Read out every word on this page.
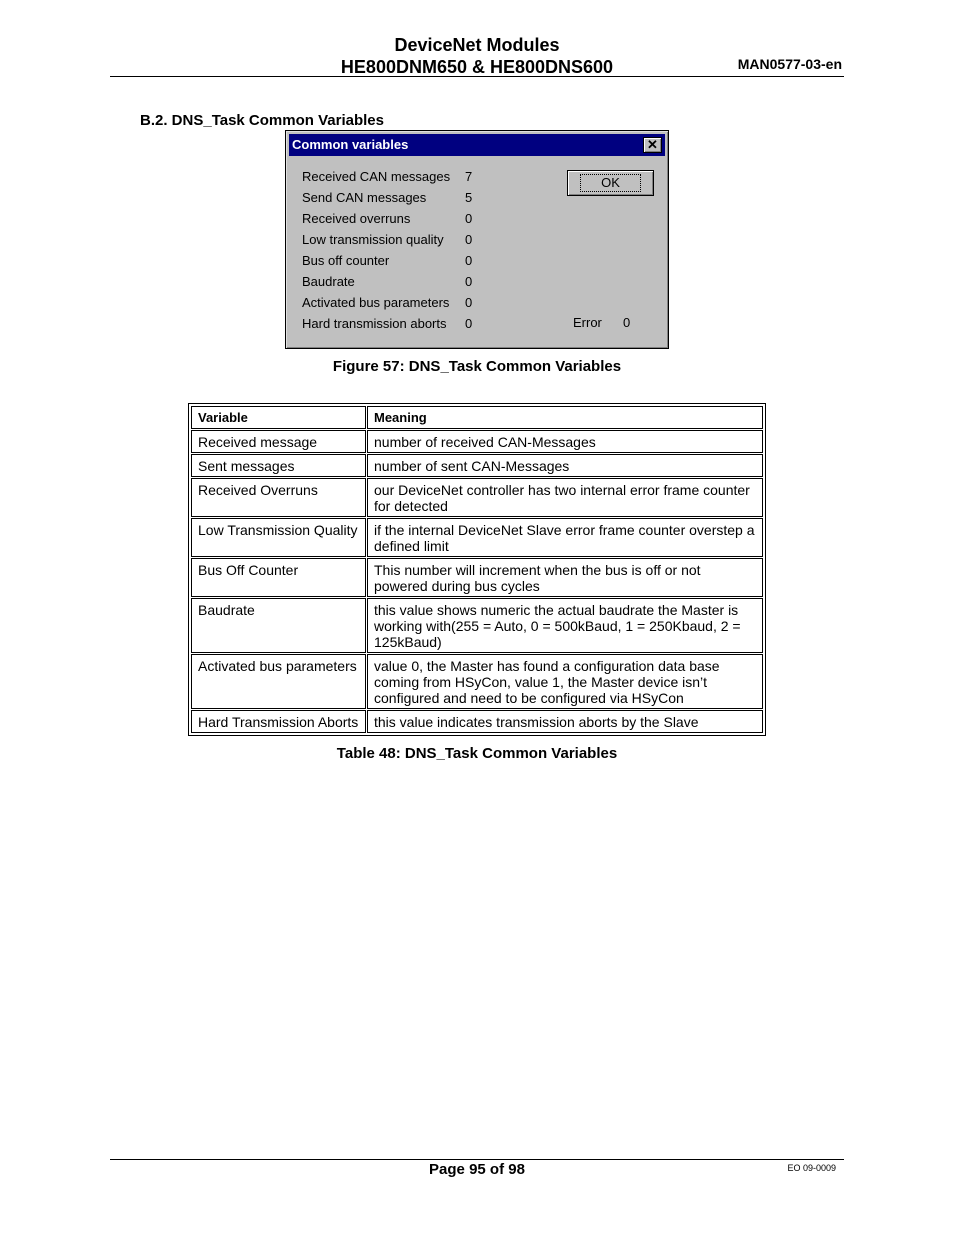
DeviceNet Modules
HE800DNM650 & HE800DNS600	MAN0577-03-en
B.2. DNS_Task Common Variables
Common variables	✕
Received CAN messages 7
Send CAN messages	5
Received overruns	0
Low transmission quality 0
Bus off counter	0
Baudrate	0
Activated bus parameters 0
Hard transmission aborts 0
OK
Error 0
Figure 57: DNS_Task Common Variables
Variable	Meaning
Received message	number of received CAN-Messages
Sent messages	number of sent CAN-Messages
Received Overruns	our DeviceNet controller has two internal error frame counter for detected
Low Transmission Quality	if the internal DeviceNet Slave error frame counter overstep a defined limit
Bus Off Counter	This number will increment when the bus is off or not powered during bus cycles
Baudrate	this value shows numeric the actual baudrate the Master is working with(255 = Auto, 0 = 500kBaud, 1 = 250Kbaud, 2 = 125kBaud)
Activated bus parameters	value 0, the Master has found a configuration data base coming from HSyCon, value 1, the Master device isn’t configured and need to be configured via HSyCon
Hard Transmission Aborts	this value indicates transmission aborts by the Slave
Table 48: DNS_Task Common Variables
Page 95 of 98	EO 09-0009
